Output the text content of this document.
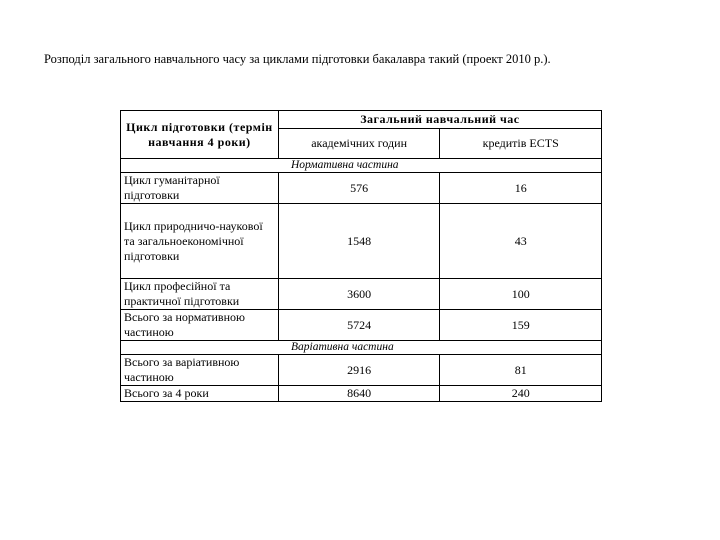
Розподіл загального навчального часу за циклами підготовки бакалавра такий (проект 2010 р.).
Цикл підготовки (термін навчання 4 роки)	Загальний навчальний час	
	академічних годин	кредитів ECTS
Нормативна частина		
Цикл гуманітарної підготовки	576	16
Цикл природничо-наукової та загальноекономічної підготовки	1548	43
Цикл професійної та практичної підготовки	3600	100
Всього за нормативною частиною	5724	159
Варіативна частина		
Всього за варіативною частиною	2916	81
Всього за 4 роки	8640	240
